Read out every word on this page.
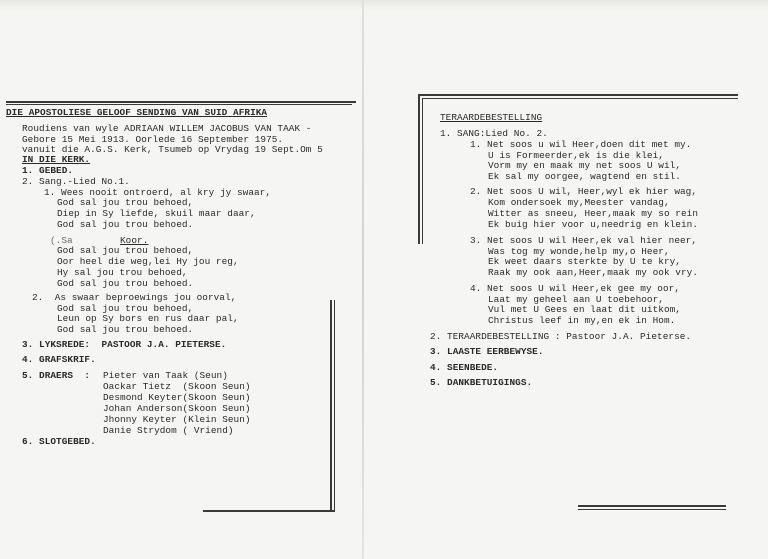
DIE APOSTOLIESE GELOOF SENDING VAN SUID AFRIKA
Roudiens van wyle ADRIAAN WILLEM JACOBUS VAN TAAK -
Gebore 15 Mei 1913. Oorlede 16 September 1975.
vanuit die A.G.S. Kerk, Tsumeb op Vrydag 19 Sept.Om 5
IN DIE KERK.
1. GEBED.
2. Sang.-Lied No.1.
1. Wees nooit ontroerd, al kry jy swaar,
God sal jou trou behoed,
Diep in Sy liefde, skuil maar daar,
God sal jou trou behoed.
(.Sa	Koor.
God sal jou trou behoed,
Oor heel die weg,lei Hy jou reg,
Hy sal jou trou behoed,
God sal jou trou behoed.
2.  As swaar beproewings jou oorval,
God sal jou trou behoed,
Leun op Sy bors en rus daar pal,
God sal jou trou behoed.
3. LYKSREDE:  PASTOOR J.A. PIETERSE.
4. GRAFSKRIF.
5. DRAERS  : Pieter van Taak (Seun)
Oackar Tietz  (Skoon Seun)
Desmond Keyter(Skoon Seun)
Johan Anderson(Skoon Seun)
Jhonny Keyter (Klein Seun)
Danie Strydom ( Vriend)
6. SLOTGEBED.
TERAARDEBESTELLING
1. SANG:Lied No. 2.
1. Net soos u wil Heer,doen dit met my.
U is Formeerder,ek is die klei,
Vorm my en maak my net soos U wil,
Ek sal my oorgee, wagtend en stil.
2. Net soos U wil, Heer,wyl ek hier wag,
Kom ondersoek my,Meester vandag,
Witter as sneeu, Heer,maak my so rein
Ek buig hier voor u,needrig en klein.
3. Net soos U wil Heer,ek val hier neer,
Was tog my wonde,help my,o Heer,
Ek weet daars sterkte by U te kry,
Raak my ook aan,Heer,maak my ook vry.
4. Net soos U wil Heer,ek gee my oor,
Laat my geheel aan U toebehoor,
Vul met U Gees en laat dit uitkom,
Christus leef in my,en ek in Hom.
2. TERAARDEBESTELLING : Pastoor J.A. Pieterse.
3. LAASTE EERBEWYSE.
4. SEENBEDE.
5. DANKBETUIGINGS.
